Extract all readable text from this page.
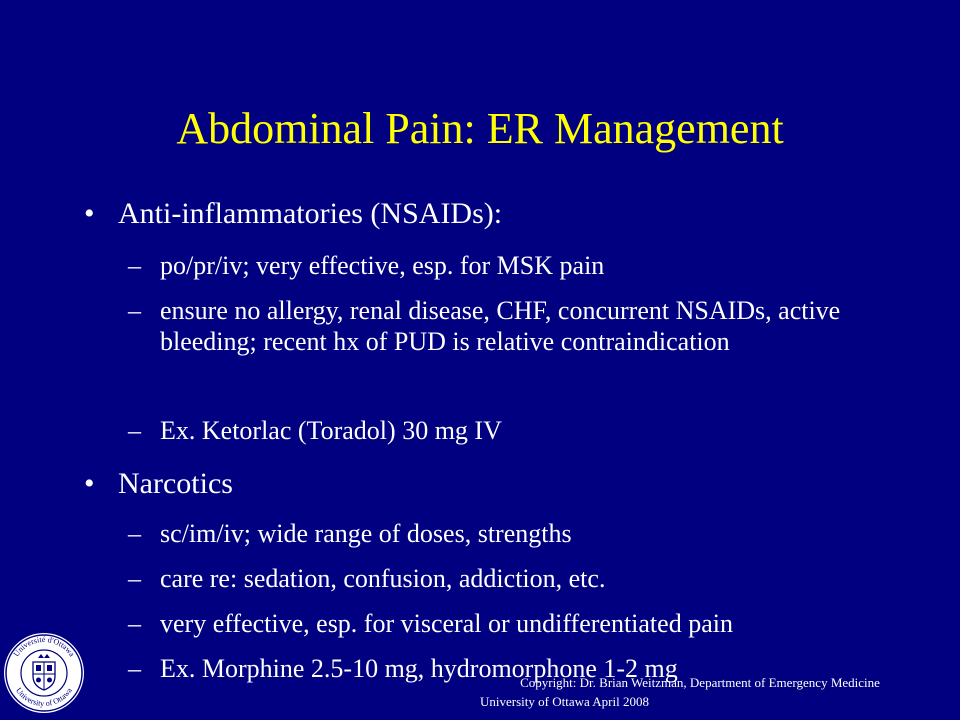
Abdominal Pain: ER Management
• Anti-inflammatories (NSAIDs):
– po/pr/iv; very effective, esp. for MSK pain
– ensure no allergy, renal disease, CHF, concurrent NSAIDs, active bleeding; recent hx of PUD is relative contraindication
– Ex. Ketorlac (Toradol) 30 mg IV
• Narcotics
– sc/im/iv; wide range of doses, strengths
– care re: sedation, confusion, addiction, etc.
– very effective, esp. for visceral or undifferentiated pain
– Ex. Morphine 2.5-10 mg, hydromorphone 1-2 mg
Université d'Ottawa
University of Ottawa
Copyright: Dr. Brian Weitzman, Department of Emergency Medicine
University of Ottawa April 2008
